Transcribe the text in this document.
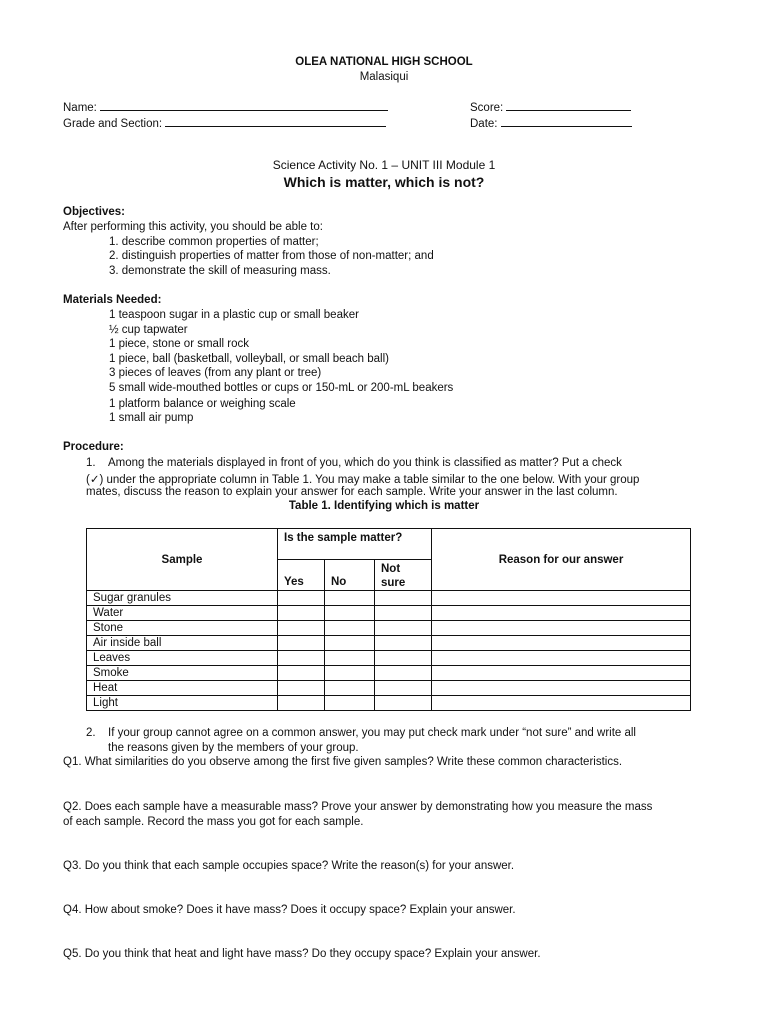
OLEA NATIONAL HIGH SCHOOL
Malasiqui
Name:
Grade and Section:
Score:
Date:
Science Activity No. 1 – UNIT III Module 1
Which is matter, which is not?
Objectives:
After performing this activity, you should be able to:
1. describe common properties of matter;
2. distinguish properties of matter from those of non-matter; and
3. demonstrate the skill of measuring mass.
Materials Needed:
1 teaspoon sugar in a plastic cup or small beaker
½ cup tapwater
1 piece, stone or small rock
1 piece, ball (basketball, volleyball, or small beach ball)
3 pieces of leaves (from any plant or tree)
5 small wide-mouthed bottles or cups or 150-mL or 200-mL beakers
1 platform balance or weighing scale
1 small air pump
Procedure:
1. Among the materials displayed in front of you, which do you think is classified as matter? Put a check
(✓) under the appropriate column in Table 1. You may make a table similar to the one below. With your group
mates, discuss the reason to explain your answer for each sample. Write your answer in the last column.
Table 1. Identifying which is matter
Sample	Is the sample matter?			Reason for our answer
	Yes	No	Not
sure	
Sugar granules				
Water				
Stone				
Air inside ball				
Leaves				
Smoke				
Heat				
Light				
2. If your group cannot agree on a common answer, you may put check mark under “not sure” and write all
the reasons given by the members of your group.
Q1. What similarities do you observe among the first five given samples? Write these common characteristics.
Q2. Does each sample have a measurable mass? Prove your answer by demonstrating how you measure the mass
of each sample. Record the mass you got for each sample.
Q3. Do you think that each sample occupies space? Write the reason(s) for your answer.
Q4. How about smoke? Does it have mass? Does it occupy space? Explain your answer.
Q5. Do you think that heat and light have mass? Do they occupy space? Explain your answer.
